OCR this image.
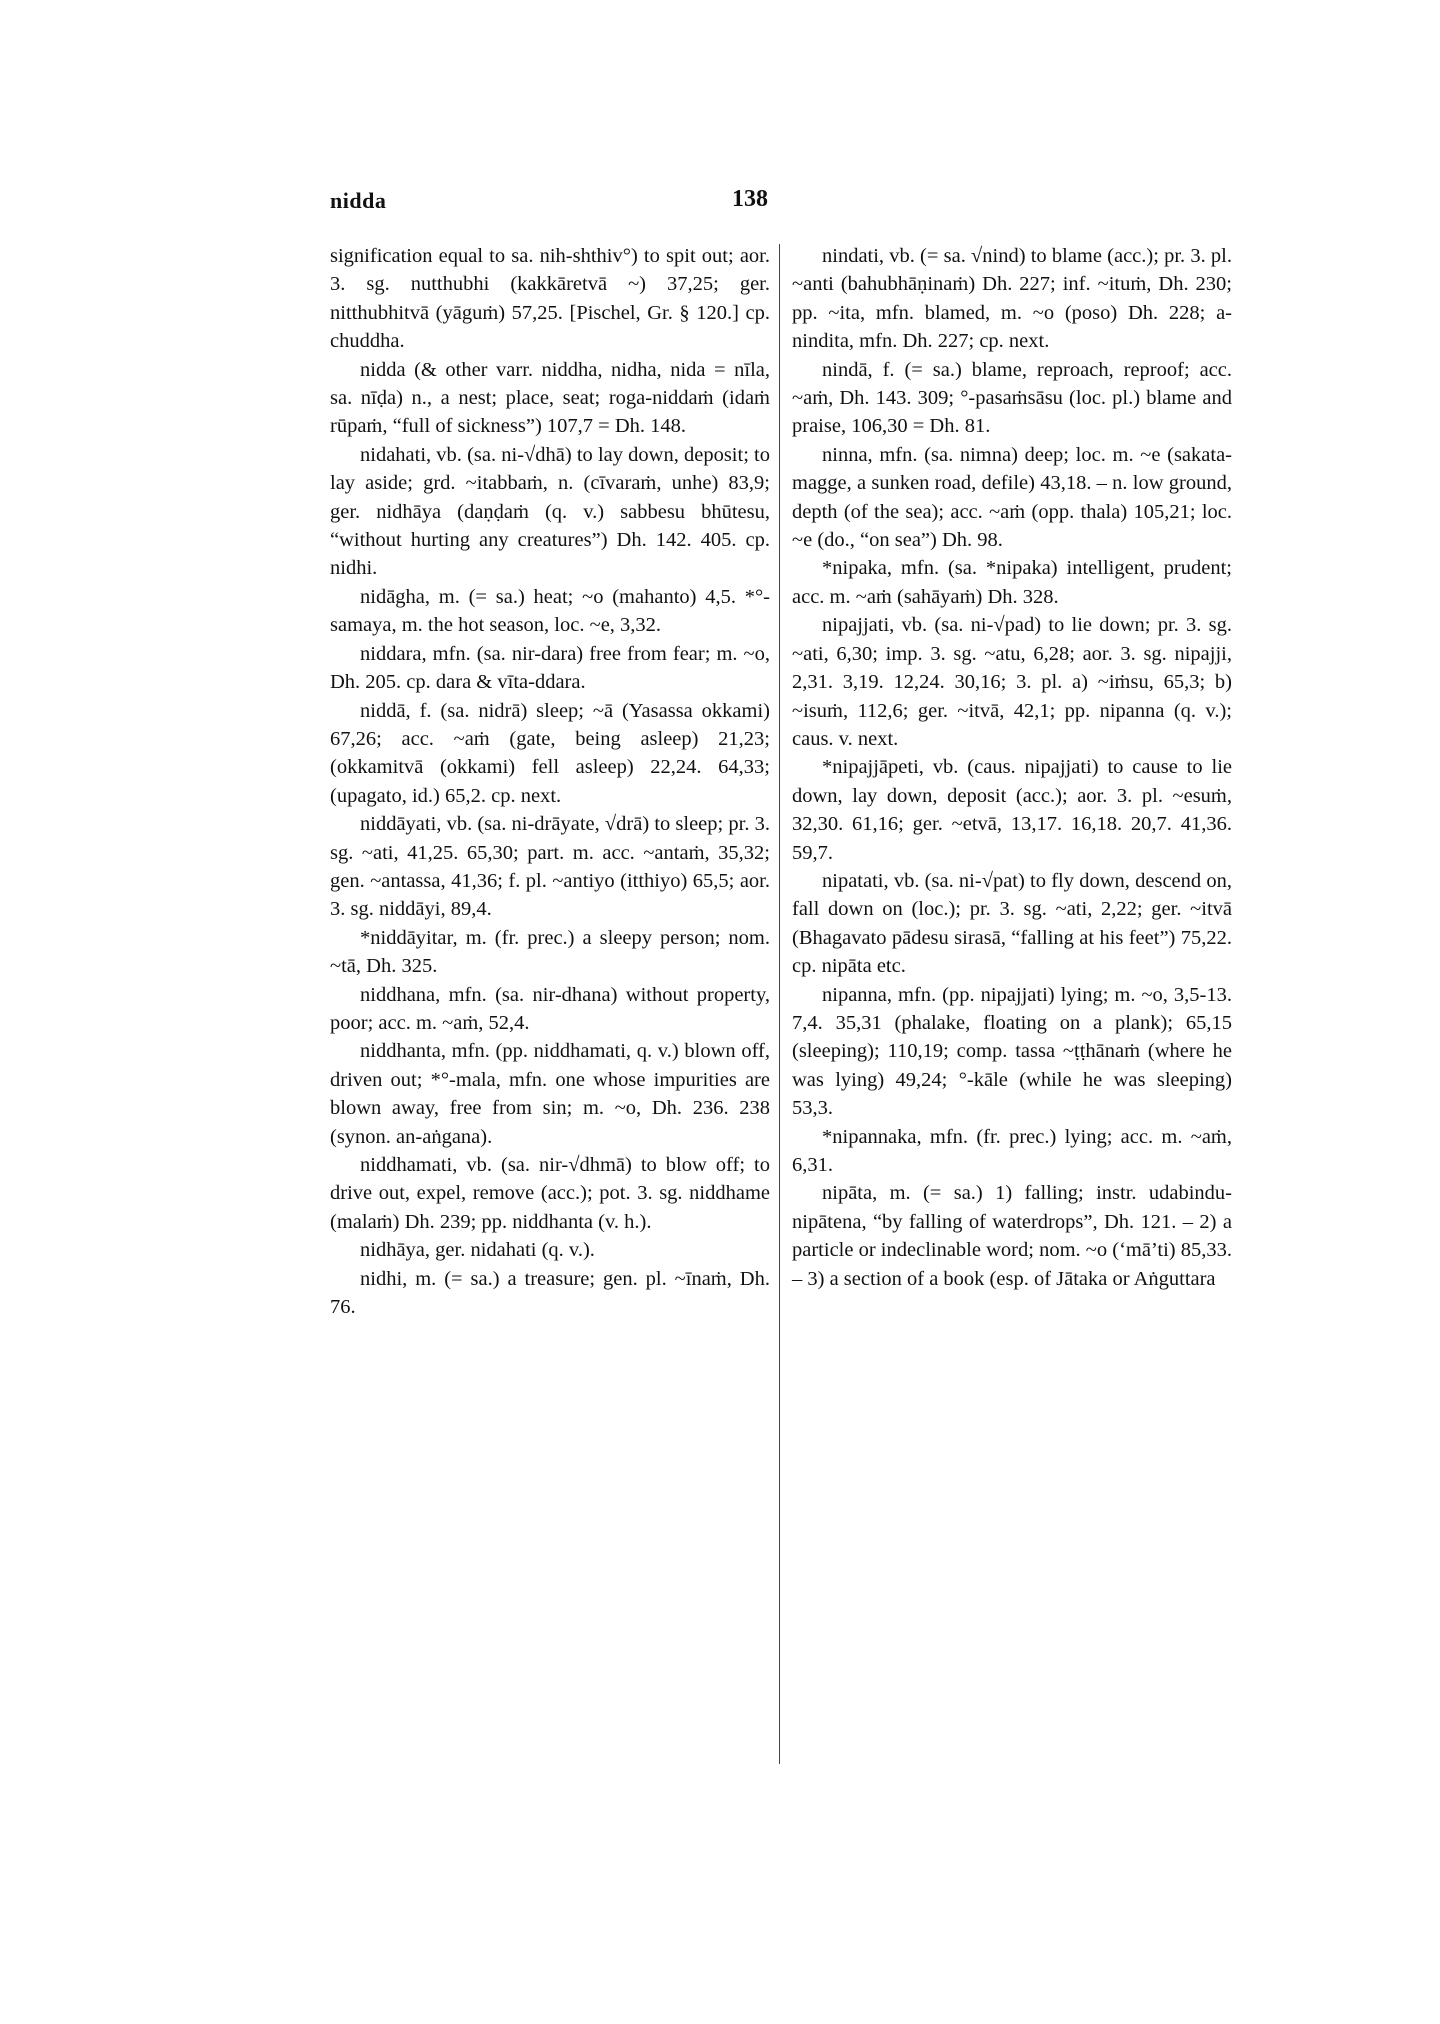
nidda	138

signification equal to sa. nih-shthiv°) to spit out; aor. 3. sg. nutthubhi (kakkāretvā ~) 37,25; ger. nitthubhitvā (yāguṁ) 57,25. [Pischel, Gr. § 120.] cp. chuddha.

nidda (& other varr. niddha, nidha, nida = nīla, sa. nīḍa) n., a nest; place, seat; roga-niddaṁ (idaṁ rūpaṁ, “full of sickness”) 107,7 = Dh. 148.

nidahati, vb. (sa. ni-√dhā) to lay down, deposit; to lay aside; grd. ~itabbaṁ, n. (cīvaraṁ, unhe) 83,9; ger. nidhāya (daṇḍaṁ (q. v.) sabbesu bhūtesu, “without hurting any creatures”) Dh. 142. 405. cp. nidhi.

nidāgha, m. (= sa.) heat; ~o (mahanto) 4,5. *°-samaya, m. the hot season, loc. ~e, 3,32.

niddara, mfn. (sa. nir-dara) free from fear; m. ~o, Dh. 205. cp. dara & vīta-ddara.

niddā, f. (sa. nidrā) sleep; ~ā (Yasassa okkami) 67,26; acc. ~aṁ (gate, being asleep) 21,23; (okkamitvā (okkami) fell asleep) 22,24. 64,33; (upagato, id.) 65,2. cp. next.

niddāyati, vb. (sa. ni-drāyate, √drā) to sleep; pr. 3. sg. ~ati, 41,25. 65,30; part. m. acc. ~antaṁ, 35,32; gen. ~antassa, 41,36; f. pl. ~antiyo (itthiyo) 65,5; aor. 3. sg. niddāyi, 89,4.

*niddāyitar, m. (fr. prec.) a sleepy person; nom. ~tā, Dh. 325.

niddhana, mfn. (sa. nir-dhana) without property, poor; acc. m. ~aṁ, 52,4.

niddhanta, mfn. (pp. niddhamati, q. v.) blown off, driven out; *°-mala, mfn. one whose impurities are blown away, free from sin; m. ~o, Dh. 236. 238 (synon. an-aṅgana).

niddhamati, vb. (sa. nir-√dhmā) to blow off; to drive out, expel, remove (acc.); pot. 3. sg. niddhame (malaṁ) Dh. 239; pp. niddhanta (v. h.).

nidhāya, ger. nidahati (q. v.).

nidhi, m. (= sa.) a treasure; gen. pl. ~īnaṁ, Dh. 76.

nindati, vb. (= sa. √nind) to blame (acc.); pr. 3. pl. ~anti (bahubhāṇinaṁ) Dh. 227; inf. ~ituṁ, Dh. 230; pp. ~ita, mfn. blamed, m. ~o (poso) Dh. 228; a-nindita, mfn. Dh. 227; cp. next.

nindā, f. (= sa.) blame, reproach, reproof; acc. ~aṁ, Dh. 143. 309; °-pasaṁsāsu (loc. pl.) blame and praise, 106,30 = Dh. 81.

ninna, mfn. (sa. nimna) deep; loc. m. ~e (sakata-magge, a sunken road, defile) 43,18. – n. low ground, depth (of the sea); acc. ~aṁ (opp. thala) 105,21; loc. ~e (do., “on sea”) Dh. 98.

*nipaka, mfn. (sa. *nipaka) intelligent, prudent; acc. m. ~aṁ (sahāyaṁ) Dh. 328.

nipajjati, vb. (sa. ni-√pad) to lie down; pr. 3. sg. ~ati, 6,30; imp. 3. sg. ~atu, 6,28; aor. 3. sg. nipajji, 2,31. 3,19. 12,24. 30,16; 3. pl. a) ~iṁsu, 65,3; b) ~isuṁ, 112,6; ger. ~itvā, 42,1; pp. nipanna (q. v.); caus. v. next.

*nipajjāpeti, vb. (caus. nipajjati) to cause to lie down, lay down, deposit (acc.); aor. 3. pl. ~esuṁ, 32,30. 61,16; ger. ~etvā, 13,17. 16,18. 20,7. 41,36. 59,7.

nipatati, vb. (sa. ni-√pat) to fly down, descend on, fall down on (loc.); pr. 3. sg. ~ati, 2,22; ger. ~itvā (Bhagavato pādesu sirasā, “falling at his feet”) 75,22. cp. nipāta etc.

nipanna, mfn. (pp. nipajjati) lying; m. ~o, 3,5-13. 7,4. 35,31 (phalake, floating on a plank); 65,15 (sleeping); 110,19; comp. tassa ~ṭṭhānaṁ (where he was lying) 49,24; °-kāle (while he was sleeping) 53,3.

*nipannaka, mfn. (fr. prec.) lying; acc. m. ~aṁ, 6,31.

nipāta, m. (= sa.) 1) falling; instr. udabindu-nipātena, “by falling of waterdrops”, Dh. 121. – 2) a particle or indeclinable word; nom. ~o (‘mā’ti) 85,33. – 3) a section of a book (esp. of Jātaka or Aṅguttara
